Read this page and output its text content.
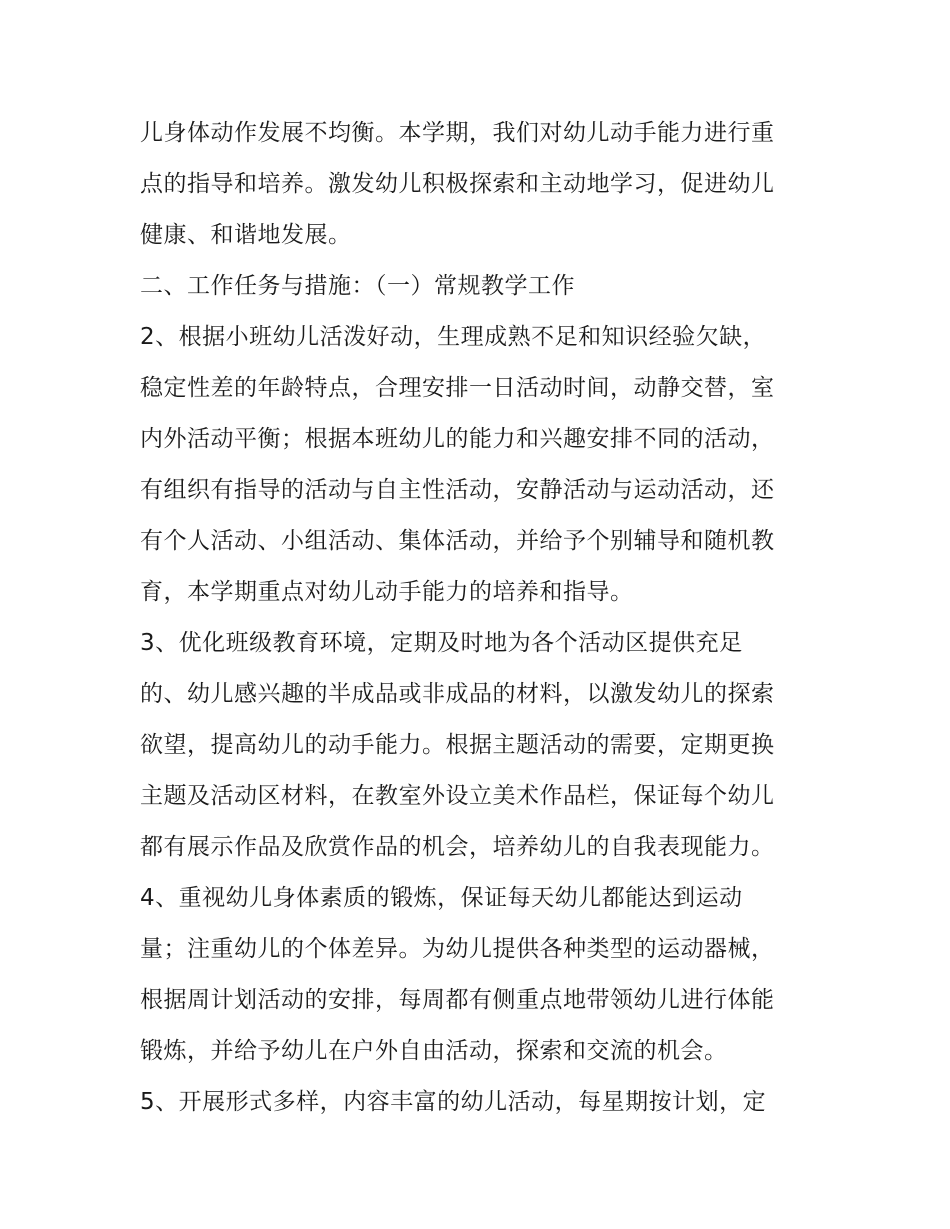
儿身体动作发展不均衡。本学期，我们对幼儿动手能力进行重
点的指导和培养。激发幼儿积极探索和主动地学习，促进幼儿
健康、和谐地发展。
二、工作任务与措施：（一）常规教学工作
2、根据小班幼儿活泼好动，生理成熟不足和知识经验欠缺，
稳定性差的年龄特点，合理安排一日活动时间，动静交替，室
内外活动平衡；根据本班幼儿的能力和兴趣安排不同的活动，
有组织有指导的活动与自主性活动，安静活动与运动活动，还
有个人活动、小组活动、集体活动，并给予个别辅导和随机教
育，本学期重点对幼儿动手能力的培养和指导。
3、优化班级教育环境，定期及时地为各个活动区提供充足
的、幼儿感兴趣的半成品或非成品的材料，以激发幼儿的探索
欲望，提高幼儿的动手能力。根据主题活动的需要，定期更换
主题及活动区材料，在教室外设立美术作品栏，保证每个幼儿
都有展示作品及欣赏作品的机会，培养幼儿的自我表现能力。
4、重视幼儿身体素质的锻炼，保证每天幼儿都能达到运动
量；注重幼儿的个体差异。为幼儿提供各种类型的运动器械，
根据周计划活动的安排，每周都有侧重点地带领幼儿进行体能
锻炼，并给予幼儿在户外自由活动，探索和交流的机会。
5、开展形式多样，内容丰富的幼儿活动，每星期按计划，定
